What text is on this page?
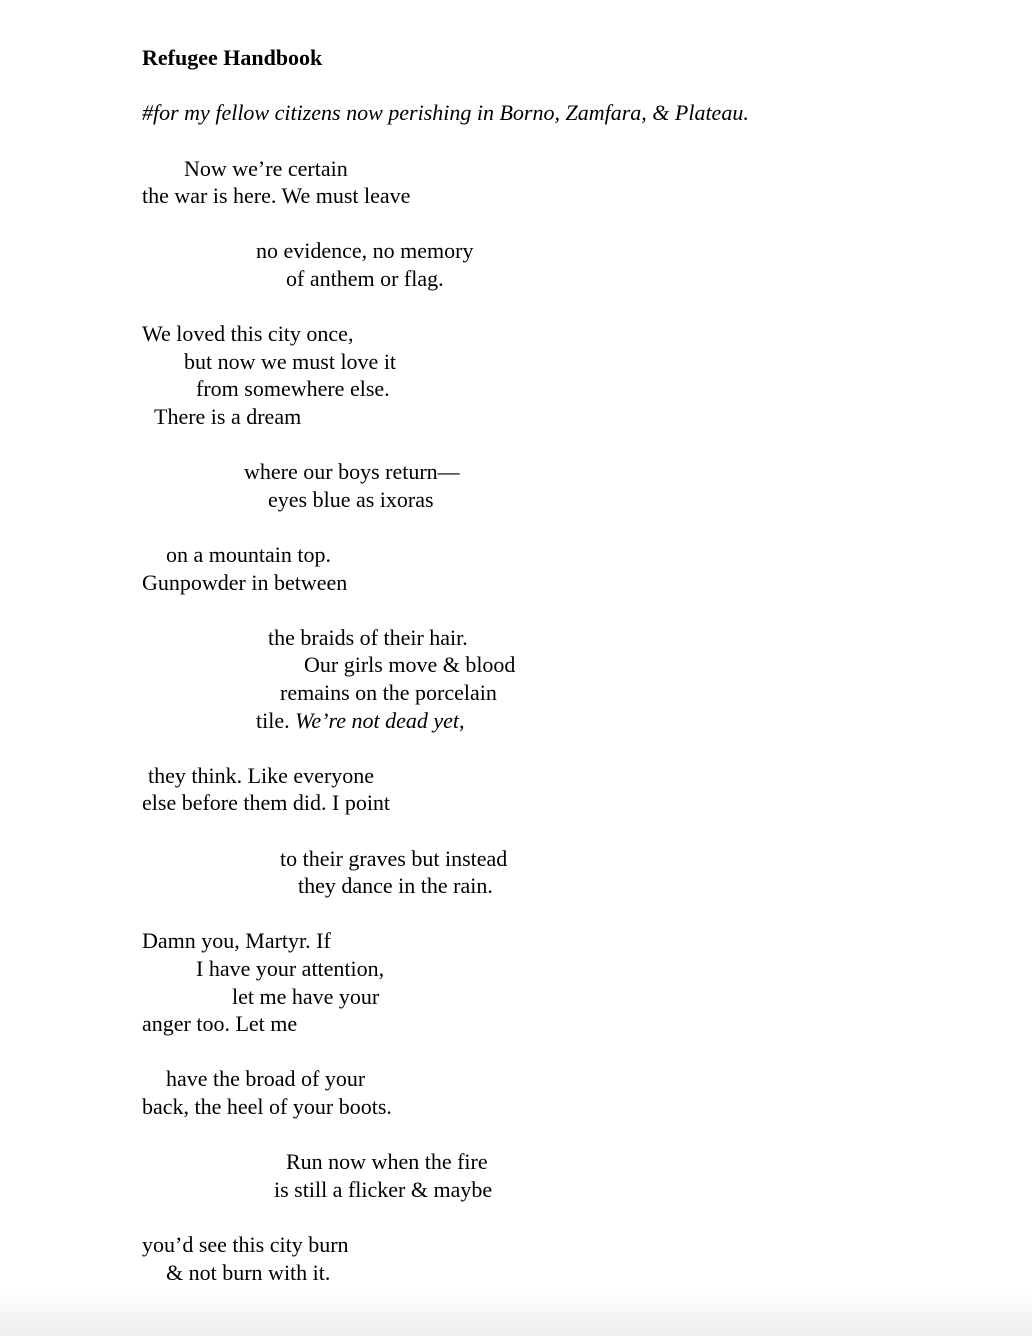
Refugee Handbook
#for my fellow citizens now perishing in Borno, Zamfara, & Plateau.
Now we’re certain
the war is here. We must leave
no evidence, no memory
of anthem or flag.
We loved this city once,
but now we must love it
from somewhere else.
There is a dream
where our boys return—
eyes blue as ixoras
on a mountain top.
Gunpowder in between
the braids of their hair.
Our girls move & blood
remains on the porcelain
tile. We’re not dead yet,
they think. Like everyone
else before them did. I point
to their graves but instead
they dance in the rain.
Damn you, Martyr. If
I have your attention,
let me have your
anger too. Let me
have the broad of your
back, the heel of your boots.
Run now when the fire
is still a flicker & maybe
you’d see this city burn
& not burn with it.
